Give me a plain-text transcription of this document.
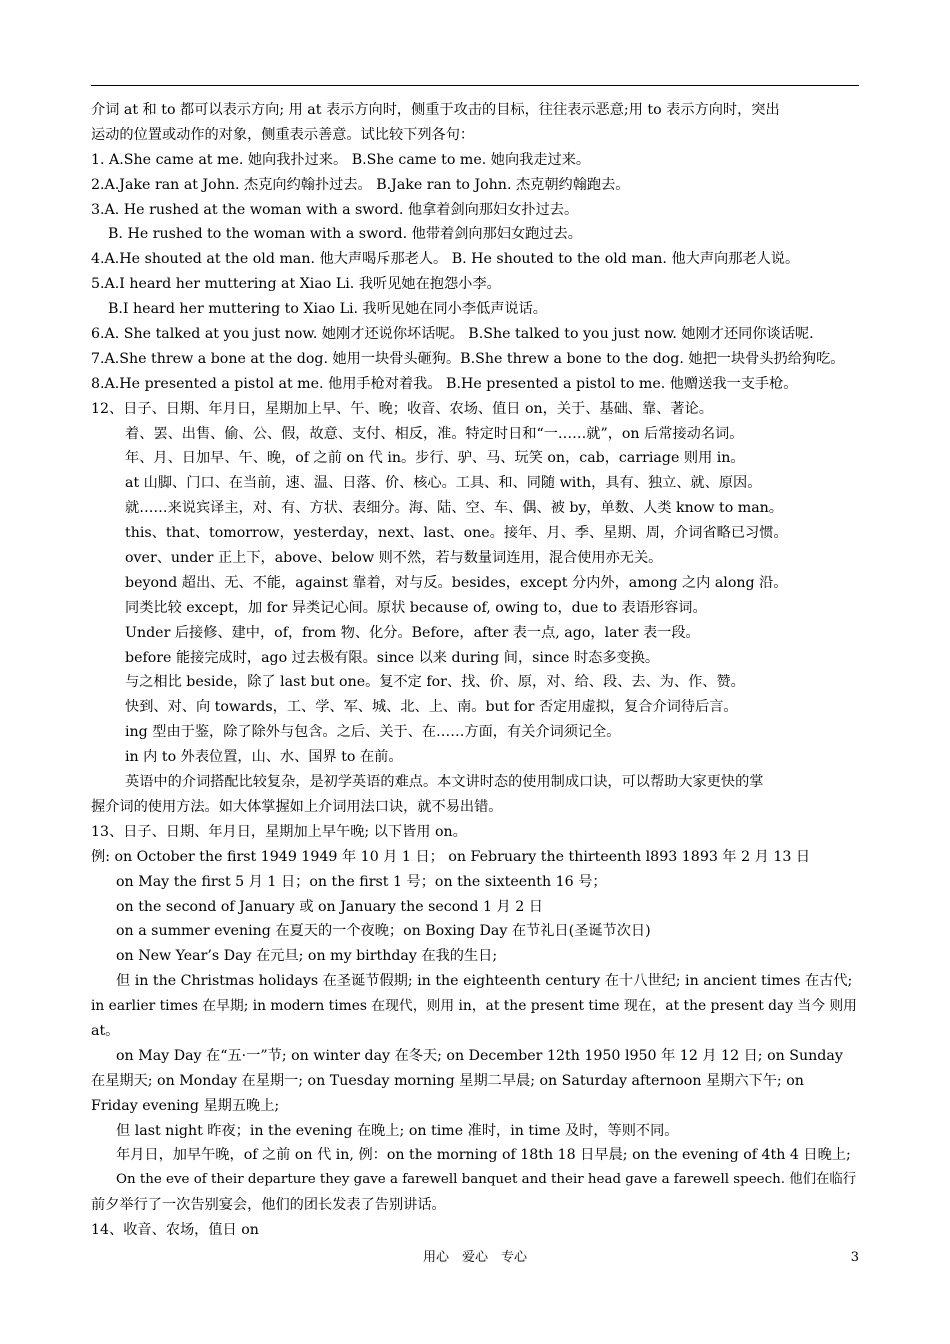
介词 at 和 to 都可以表示方向; 用 at 表示方向时，侧重于攻击的目标，往往表示恶意;用 to 表示方向时，突出
运动的位置或动作的对象，侧重表示善意。试比较下列各句：
1. A.She came at me. 她向我扑过来。 B.She came to me. 她向我走过来。
2.A.Jake ran at John. 杰克向约翰扑过去。 B.Jake ran to John. 杰克朝约翰跑去。
3.A. He rushed at the woman with a sword. 他拿着剑向那妇女扑过去。
B. He rushed to the woman with a sword. 他带着剑向那妇女跑过去。
4.A.He shouted at the old man. 他大声喝斥那老人。 B. He shouted to the old man. 他大声向那老人说。
5.A.I heard her muttering at Xiao Li. 我听见她在抱怨小李。
B.I heard her muttering to Xiao Li. 我听见她在同小李低声说话。
6.A. She talked at you just now. 她刚才还说你坏话呢。 B.She talked to you just now. 她刚才还同你谈话呢.
7.A.She threw a bone at the dog. 她用一块骨头砸狗。B.She threw a bone to the dog. 她把一块骨头扔给狗吃。
8.A.He presented a pistol at me. 他用手枪对着我。 B.He presented a pistol to me. 他赠送我一支手枪。
12、日子、日期、年月日，星期加上早、午、晚；收音、农场、值日 on，关于、基础、靠、著论。
着、罢、出售、偷、公、假，故意、支付、相反，准。特定时日和“一……就”，on 后常接动名词。
年、月、日加早、午、晚，of 之前 on 代 in。步行、驴、马、玩笑 on，cab，carriage 则用 in。
at 山脚、门口、在当前，速、温、日落、价、核心。工具、和、同随 with，具有、独立、就、原因。
就……来说宾译主，对、有、方状、表细分。海、陆、空、车、偶、被 by，单数、人类 know to man。
this、that、tomorrow，yesterday，next、last、one。接年、月、季、星期、周，介词省略已习惯。
over、under 正上下，above、below 则不然，若与数量词连用，混合使用亦无关。
beyond 超出、无、不能，against 靠着，对与反。besides，except 分内外，among 之内 along 沿。
同类比较 except，加 for 异类记心间。原状 because of, owing to，due to 表语形容词。
Under 后接修、建中，of，from 物、化分。Before，after 表一点, ago，later 表一段。
before 能接完成时，ago 过去极有限。since 以来 during 间，since 时态多变换。
与之相比 beside，除了 last but one。复不定 for、找、价、原，对、给、段、去、为、作、赞。
快到、对、向 towards，工、学、军、城、北、上、南。but for 否定用虚拟，复合介词待后言。
ing 型由于鉴，除了除外与包含。之后、关于、在……方面，有关介词须记全。
in 内 to 外表位置，山、水、国界 to 在前。
英语中的介词搭配比较复杂，是初学英语的难点。本文讲时态的使用制成口诀，可以帮助大家更快的掌
握介词的使用方法。如大体掌握如上介词用法口诀，就不易出错。
13、日子、日期、年月日，星期加上早午晚; 以下皆用 on。
例: on October the first 1949 1949 年 10 月 1 日； on February the thirteenth l893 1893 年 2 月 13 日
on May the first 5 月 1 日；on the first 1 号；on the sixteenth 16 号；
on the second of January 或 on January the second 1 月 2 日
on a summer evening 在夏天的一个夜晚；on Boxing Day 在节礼日(圣诞节次日)
on New Year’s Day 在元旦; on my birthday 在我的生日;
但 in the Christmas holidays 在圣诞节假期; in the eighteenth century 在十八世纪; in ancient times 在古代;
in earlier times 在早期; in modern times 在现代，则用 in，at the present time 现在，at the present day 当今 则用
at。
on May Day 在“五·一”节; on winter day 在冬天; on December 12th 1950 l950 年 12 月 12 日; on Sunday
在星期天; on Monday 在星期一; on Tuesday morning 星期二早晨; on Saturday afternoon 星期六下午; on
Friday evening 星期五晚上;
但 last night 昨夜；in the evening 在晚上; on time 准时，in time 及时，等则不同。
年月日，加早午晚，of 之前 on 代 in, 例：on the morning of 18th 18 日早晨; on the evening of 4th 4 日晚上;
On the eve of their departure they gave a farewell banquet and their head gave a farewell speech. 他们在临行
前夕举行了一次告别宴会，他们的团长发表了告别讲话。
14、收音、农场，值日 on
用心　爱心　专心	3
